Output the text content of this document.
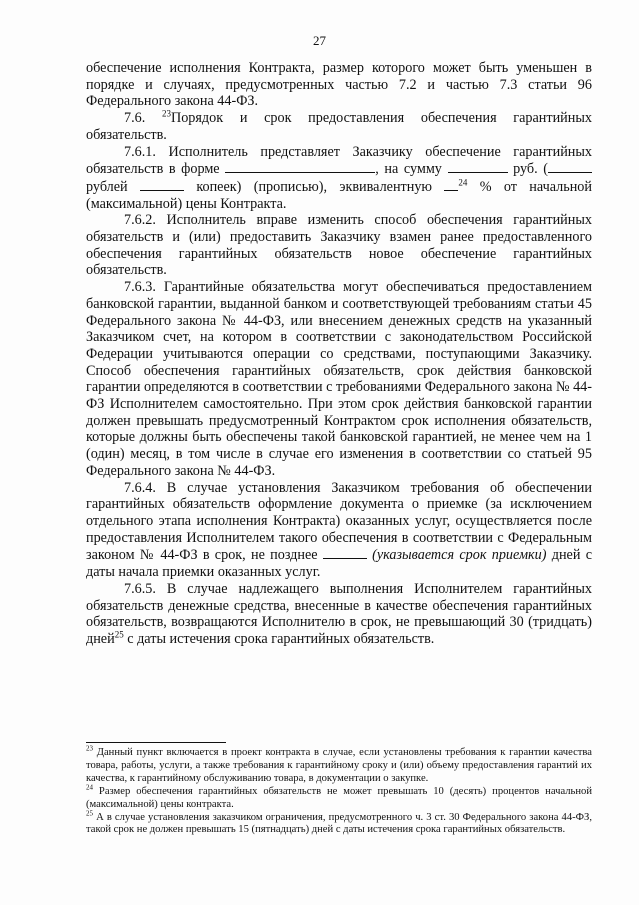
27

обеспечение исполнения Контракта, размер которого может быть уменьшен в порядке и случаях, предусмотренных частью 7.2 и частью 7.3 статьи 96 Федерального закона 44-ФЗ.

7.6. $^{23}$Порядок и срок предоставления обеспечения гарантийных обязательств.

7.6.1. Исполнитель представляет Заказчику обеспечение гарантийных обязательств в форме	, на сумму	руб. ( рублей	копеек) (прописью), эквивалентную $^{24}$ % от начальной (максимальной) цены Контракта.

7.6.2. Исполнитель вправе изменить способ обеспечения гарантийных обязательств и (или) предоставить Заказчику взамен ранее предоставленного обеспечения гарантийных обязательств новое обеспечение гарантийных обязательств.

7.6.3. Гарантийные обязательства могут обеспечиваться предоставлением банковской гарантии, выданной банком и соответствующей требованиям статьи 45 Федерального закона № 44-ФЗ, или внесением денежных средств на указанный Заказчиком счет, на котором в соответствии с законодательством Российской Федерации учитываются операции со средствами, поступающими Заказчику. Способ обеспечения гарантийных обязательств, срок действия банковской гарантии определяются в соответствии с требованиями Федерального закона № 44-ФЗ Исполнителем самостоятельно. При этом срок действия банковской гарантии должен превышать предусмотренный Контрактом срок исполнения обязательств, которые должны быть обеспечены такой банковской гарантией, не менее чем на 1 (один) месяц, в том числе в случае его изменения в соответствии со статьей 95 Федерального закона № 44-ФЗ.

7.6.4. В случае установления Заказчиком требования об обеспечении гарантийных обязательств оформление документа о приемке (за исключением отдельного этапа исполнения Контракта) оказанных услуг, осуществляется после предоставления Исполнителем такого обеспечения в соответствии с Федеральным законом № 44-ФЗ в срок, не позднее	(указывается срок приемки) дней с даты начала приемки оказанных услуг.

7.6.5. В случае надлежащего выполнения Исполнителем гарантийных обязательств денежные средства, внесенные в качестве обеспечения гарантийных обязательств, возвращаются Исполнителю в срок, не превышающий 30 (тридцать) дней$^{25}$ с даты истечения срока гарантийных обязательств.

$^{23}$ Данный пункт включается в проект контракта в случае, если установлены требования к гарантии качества товара, работы, услуги, а также требования к гарантийному сроку и (или) объему предоставления гарантий их качества, к гарантийному обслуживанию товара, в документации о закупке.

$^{24}$ Размер обеспечения гарантийных обязательств не может превышать 10 (десять) процентов начальной (максимальной) цены контракта.

$^{25}$ А в случае установления заказчиком ограничения, предусмотренного ч. 3 ст. 30 Федерального закона 44-ФЗ, такой срок не должен превышать 15 (пятнадцать) дней с даты истечения срока гарантийных обязательств.
